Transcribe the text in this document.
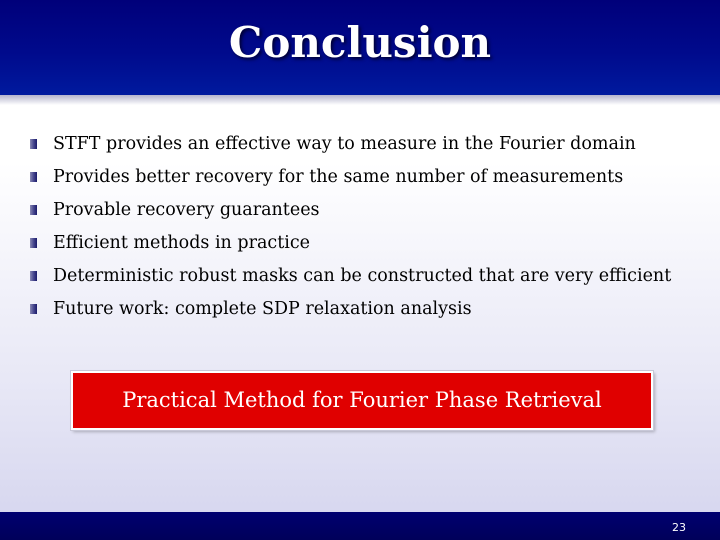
Conclusion
STFT provides an effective way to measure in the Fourier domain
Provides better recovery for the same number of measurements
Provable recovery guarantees
Efficient methods in practice
Deterministic robust masks can be constructed that are very efficient
Future work: complete SDP relaxation analysis
Practical Method for Fourier Phase Retrieval
23
